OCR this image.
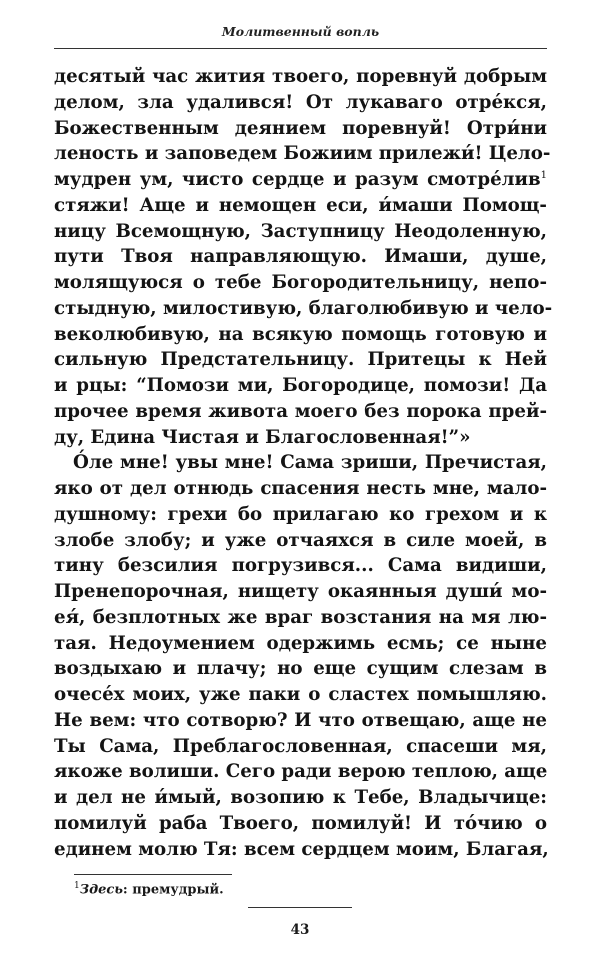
Молитвенный вопль
десятый час жития твоего, поревнуй добрым
делом, зла удалився! От лукаваго отре́кся,
Божественным деянием поревнуй! Отри́ни
леность и заповедем Божиим прилежи́! Цело-
мудрен ум, чисто сердце и разум смотре́лив$^1$
стяжи! Аще и немощен еси, и́маши Помощ-
ницу Всемощную, Заступницу Неодоленную,
пути Твоя направляющую. Имаши, душе,
молящуюся о тебе Богородительницу, непо-
стыдную, милостивую, благолюбивую и чело-
веколюбивую, на всякую помощь готовую и
сильную Предстательницу. Притецы к Ней
и рцы: “Помози ми, Богородице, помози! Да
прочее время живота моего без порока прей-
ду, Едина Чистая и Благословенная!”»
О́ле мне! увы мне! Сама зриши, Пречистая,
яко от дел отнюдь спасения несть мне, мало-
душному: грехи бо прилагаю ко грехом и к
злобе злобу; и уже отчаяхся в силе моей, в
тину безсилия погрузився... Сама видиши,
Пренепорочная, нищету окаянныя души́ мо-
ея́, безплотных же враг возстания на мя лю-
тая. Недоумением одержимь есмь; се ныне
воздыхаю и плачу; но еще сущим слезам в
очесе́х моих, уже паки о сластех помышляю.
Не вем: что сотворю? И что отвещаю, аще не
Ты Сама, Преблагословенная, спасеши мя,
якоже волиши. Сего ради верою теплою, аще
и дел не и́мый, возопию к Тебе, Владычице:
помилуй раба Твоего, помилуй! И то́чию о
единем молю Тя: всем сердцем моим, Благая,
$^1$Здесь: премудрый.
43
